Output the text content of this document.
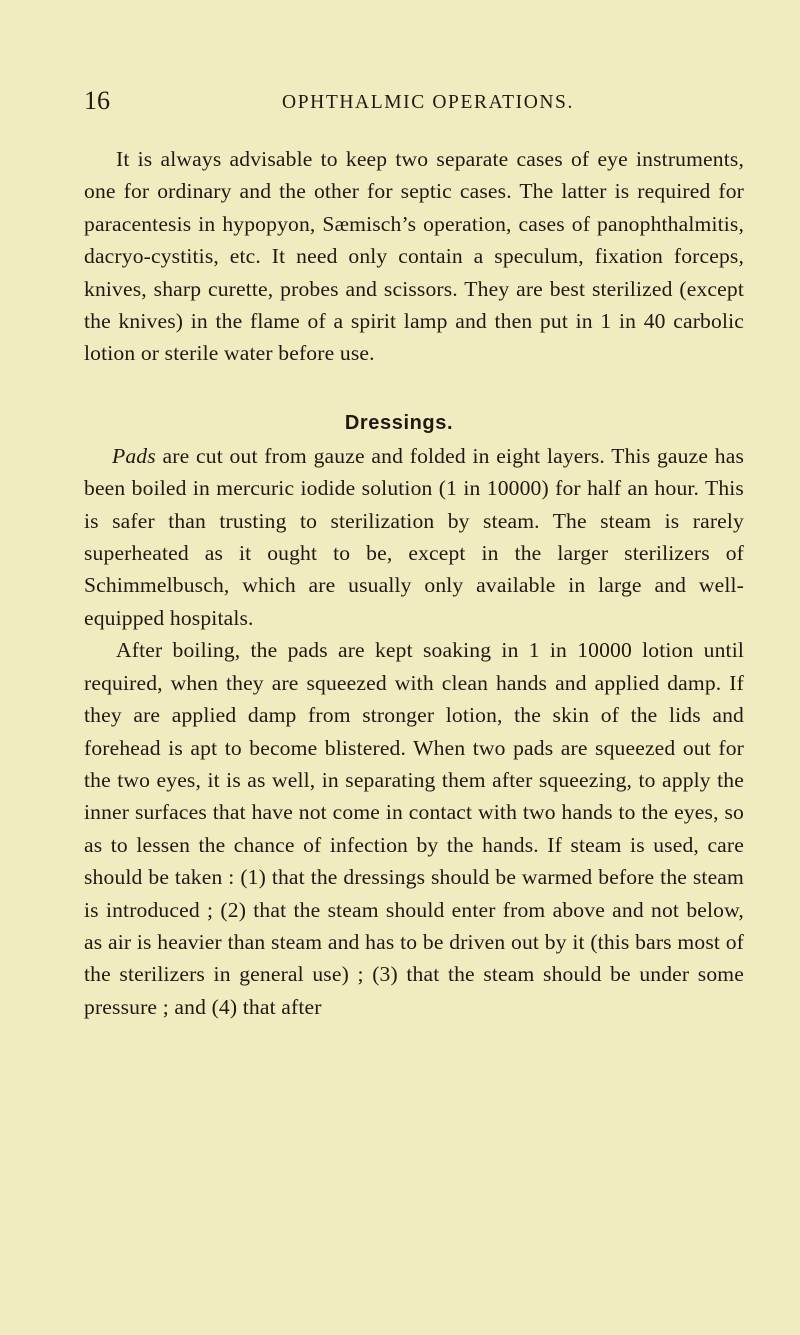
16	OPHTHALMIC OPERATIONS.

It is always advisable to keep two separate cases of eye instruments, one for ordinary and the other for septic cases. The latter is required for paracentesis in hypopyon, Sæmisch’s operation, cases of panophthalmitis, dacryo-cystitis, etc. It need only contain a speculum, fixation forceps, knives, sharp curette, probes and scissors. They are best sterilized (except the knives) in the flame of a spirit lamp and then put in 1 in 40 carbolic lotion or sterile water before use.

Dressings.

Pads are cut out from gauze and folded in eight layers. This gauze has been boiled in mercuric iodide solution (1 in 10000) for half an hour. This is safer than trusting to sterilization by steam. The steam is rarely superheated as it ought to be, except in the larger sterilizers of Schimmelbusch, which are usually only available in large and well-equipped hospitals.

After boiling, the pads are kept soaking in 1 in 10000 lotion until required, when they are squeezed with clean hands and applied damp. If they are applied damp from stronger lotion, the skin of the lids and forehead is apt to become blistered. When two pads are squeezed out for the two eyes, it is as well, in separating them after squeezing, to apply the inner surfaces that have not come in contact with two hands to the eyes, so as to lessen the chance of infection by the hands. If steam is used, care should be taken : (1) that the dressings should be warmed before the steam is introduced ; (2) that the steam should enter from above and not below, as air is heavier than steam and has to be driven out by it (this bars most of the sterilizers in general use) ; (3) that the steam should be under some pressure ; and (4) that after
